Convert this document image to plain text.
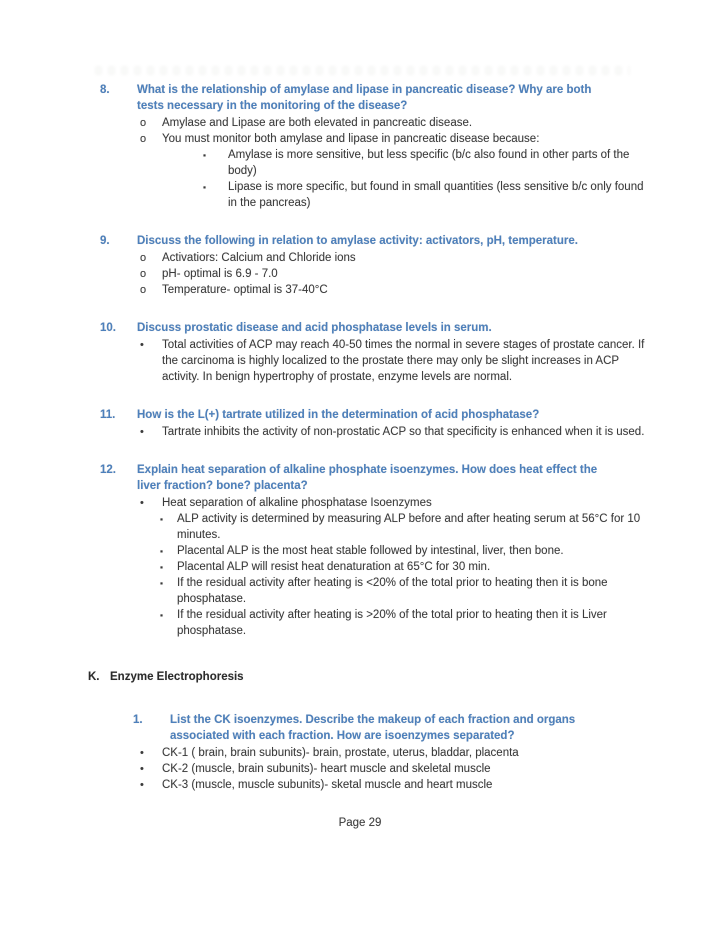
8.	What is the relationship of amylase and lipase in pancreatic disease? Why are both tests necessary in the monitoring of the disease?
o	Amylase and Lipase are both elevated in pancreatic disease.
o	You must monitor both amylase and lipase in pancreatic disease because:
▪	Amylase is more sensitive, but less specific (b/c also found in other parts of the body)
▪	Lipase is more specific, but found in small quantities (less sensitive b/c only found in the pancreas)
9.	Discuss the following in relation to amylase activity: activators, pH, temperature.
o	Activatiors: Calcium and Chloride ions
o	pH- optimal is 6.9 - 7.0
o	Temperature- optimal is 37-40°C
10.	Discuss prostatic disease and acid phosphatase levels in serum.
•	Total activities of ACP may reach 40-50 times the normal in severe stages of prostate cancer. If the carcinoma is highly localized to the prostate there may only be slight increases in ACP activity. In benign hypertrophy of prostate, enzyme levels are normal.
11.	How is the L(+) tartrate utilized in the determination of acid phosphatase?
•	Tartrate inhibits the activity of non-prostatic ACP so that specificity is enhanced when it is used.
12.	Explain heat separation of alkaline phosphate isoenzymes. How does heat effect the liver fraction? bone? placenta?
•	Heat separation of alkaline phosphatase Isoenzymes
▪	ALP activity is determined by measuring ALP before and after heating serum at 56°C for 10 minutes.
▪	Placental ALP is the most heat stable followed by intestinal, liver, then bone.
▪	Placental ALP will resist heat denaturation at 65°C for 30 min.
▪	If the residual activity after heating is <20% of the total prior to heating then it is bone phosphatase.
▪	If the residual activity after heating is >20% of the total prior to heating then it is Liver phosphatase.
K. Enzyme Electrophoresis
1.	List the CK isoenzymes. Describe the makeup of each fraction and organs associated with each fraction. How are isoenzymes separated?
•	CK-1 ( brain, brain subunits)- brain, prostate, uterus, bladdar, placenta
•	CK-2 (muscle, brain subunits)- heart muscle and skeletal muscle
•	CK-3 (muscle, muscle subunits)- sketal muscle and heart muscle
Page 29
